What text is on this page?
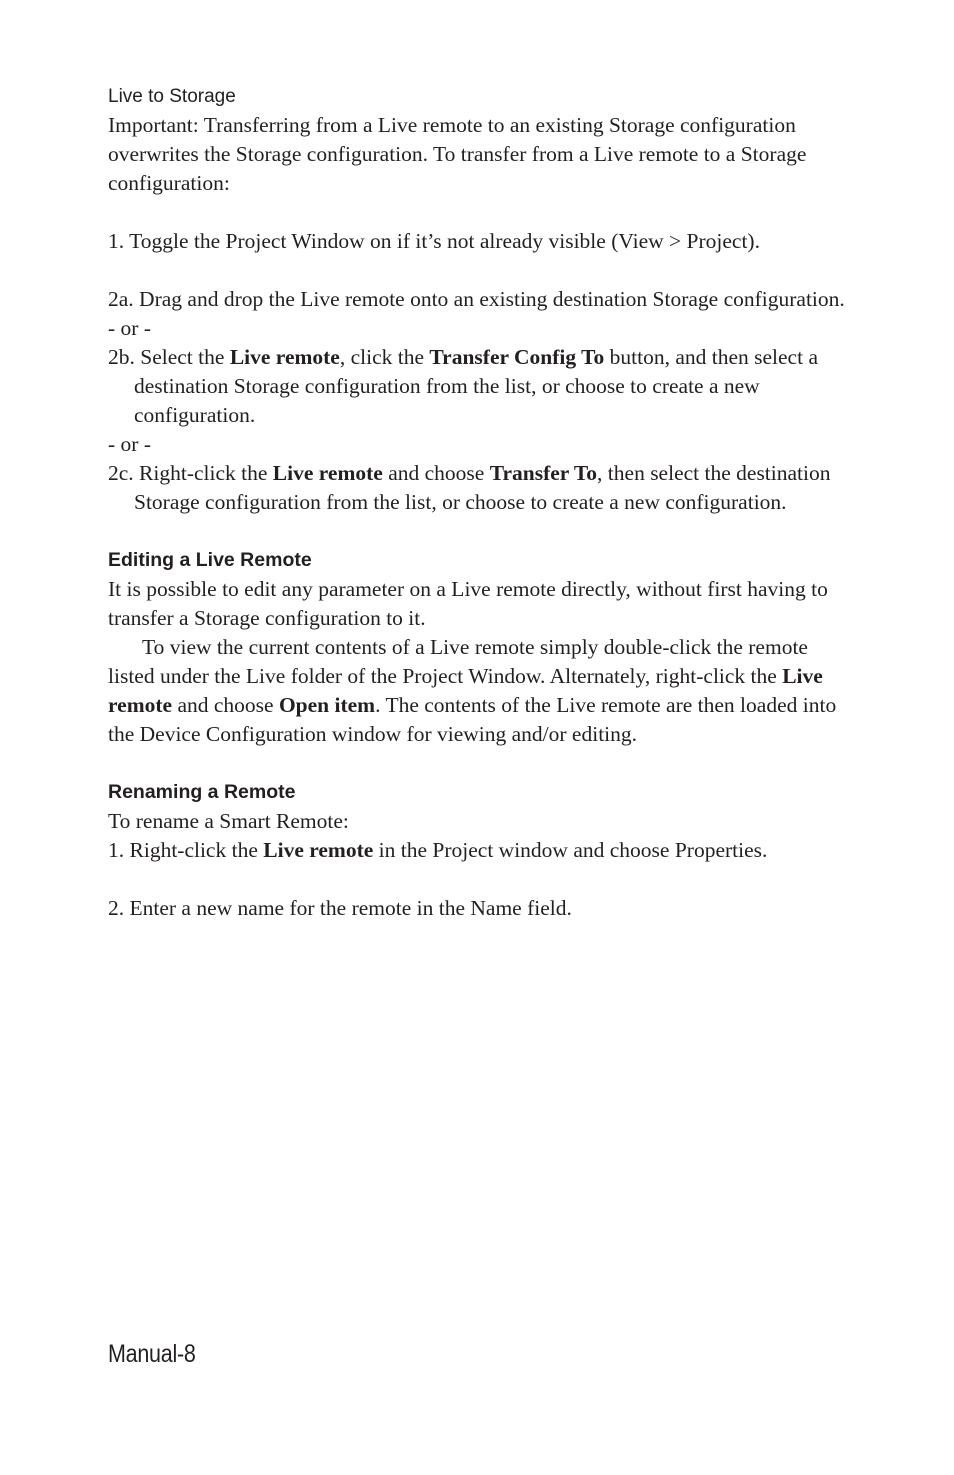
Live to Storage

Important: Transferring from a Live remote to an existing Storage configuration overwrites the Storage configuration. To transfer from a Live remote to a Storage configuration:

1. Toggle the Project Window on if it’s not already visible (View > Project).

2a. Drag and drop the Live remote onto an existing destination Storage configuration.

- or -

2b. Select the Live remote, click the Transfer Config To button, and then select a destination Storage configuration from the list, or choose to create a new configuration.

- or -

2c. Right-click the Live remote and choose Transfer To, then select the destination Storage configuration from the list, or choose to create a new configuration.

Editing a Live Remote

It is possible to edit any parameter on a Live remote directly, without first having to transfer a Storage configuration to it.

To view the current contents of a Live remote simply double-click the remote listed under the Live folder of the Project Window. Alternately, right-click the Live remote and choose Open item. The contents of the Live remote are then loaded into the Device Configuration window for viewing and/or editing.

Renaming a Remote

To rename a Smart Remote:

1. Right-click the Live remote in the Project window and choose Properties.

2. Enter a new name for the remote in the Name field.

Manual-8
